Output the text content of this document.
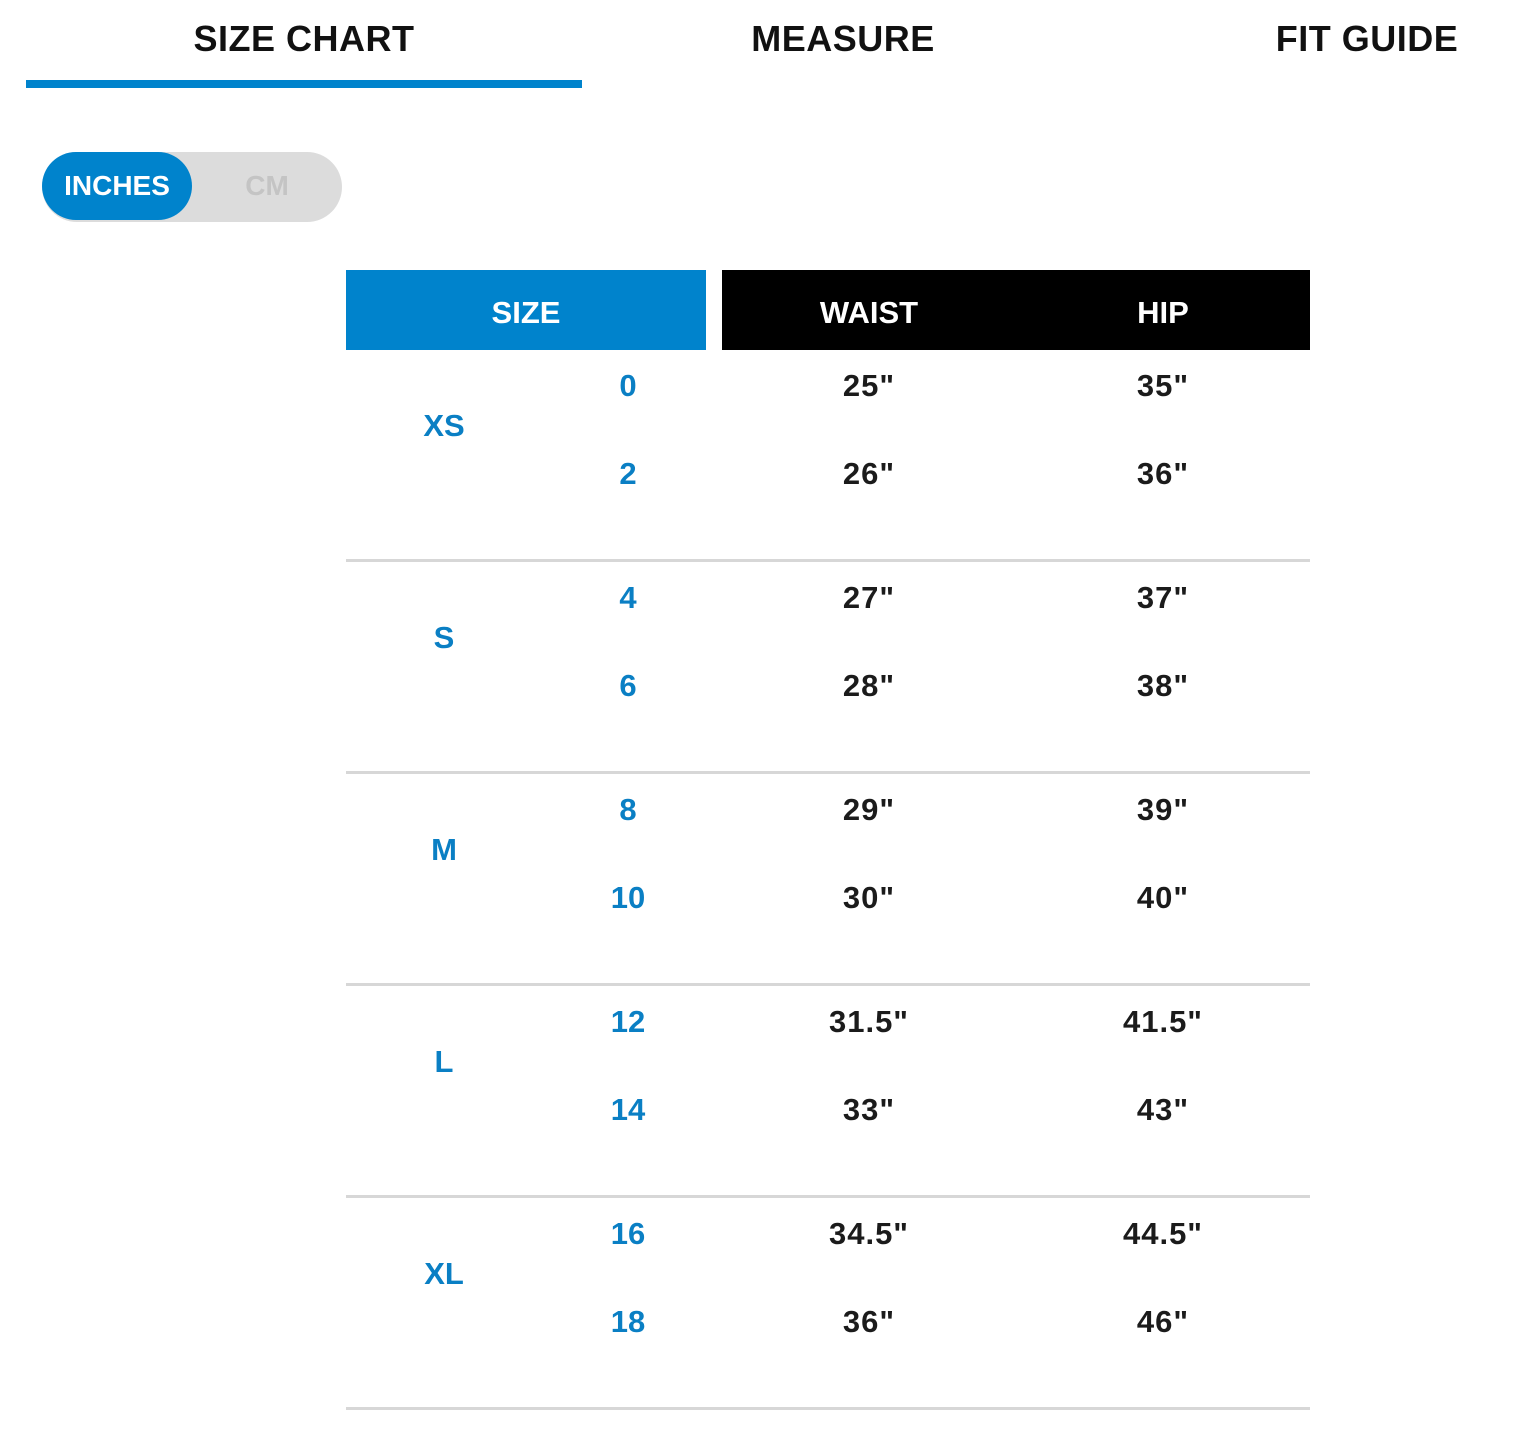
SIZE CHART	MEASURE	FIT GUIDE
INCHES	CM
SIZE	WAIST	HIP
XS
0	25"	35"
2	26"	36"
S
4	27"	37"
6	28"	38"
M
8	29"	39"
10	30"	40"
L
12	31.5"	41.5"
14	33"	43"
XL
16	34.5"	44.5"
18	36"	46"
